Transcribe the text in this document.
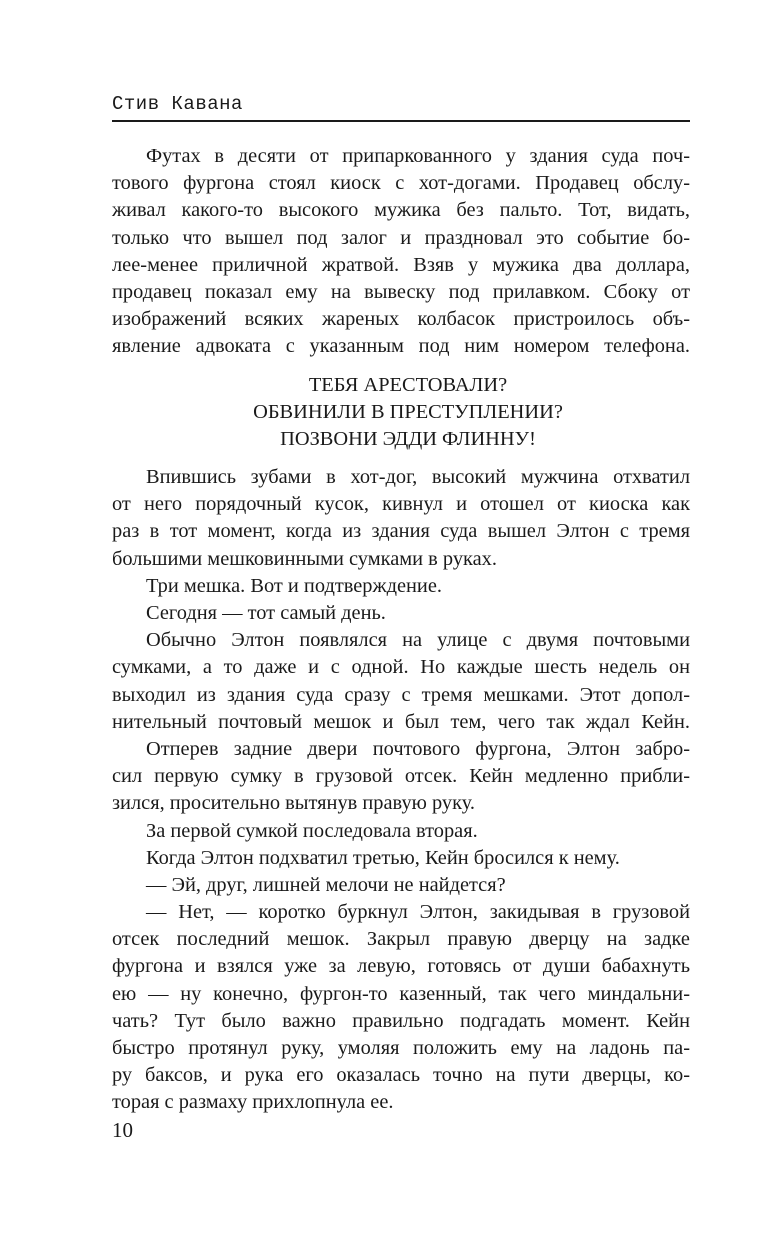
Стив Кавана
Футах в десяти от припаркованного у здания суда поч-
тового фургона стоял киоск с хот-догами. Продавец обслу-
живал какого-то высокого мужика без пальто. Тот, видать,
только что вышел под залог и праздновал это событие бо-
лее-менее приличной жратвой. Взяв у мужика два доллара,
продавец показал ему на вывеску под прилавком. Сбоку от
изображений всяких жареных колбасок пристроилось объ-
явление адвоката с указанным под ним номером телефона.
ТЕБЯ АРЕСТОВАЛИ?
ОБВИНИЛИ В ПРЕСТУПЛЕНИИ?
ПОЗВОНИ ЭДДИ ФЛИННУ!
Впившись зубами в хот-дог, высокий мужчина отхватил
от него порядочный кусок, кивнул и отошел от киоска как
раз в тот момент, когда из здания суда вышел Элтон с тремя
большими мешковинными сумками в руках.
Три мешка. Вот и подтверждение.
Сегодня — тот самый день.
Обычно Элтон появлялся на улице с двумя почтовыми
сумками, а то даже и с одной. Но каждые шесть недель он
выходил из здания суда сразу с тремя мешками. Этот допол-
нительный почтовый мешок и был тем, чего так ждал Кейн.
Отперев задние двери почтового фургона, Элтон забро-
сил первую сумку в грузовой отсек. Кейн медленно прибли-
зился, просительно вытянув правую руку.
За первой сумкой последовала вторая.
Когда Элтон подхватил третью, Кейн бросился к нему.
— Эй, друг, лишней мелочи не найдется?
— Нет, — коротко буркнул Элтон, закидывая в грузовой
отсек последний мешок. Закрыл правую дверцу на задке
фургона и взялся уже за левую, готовясь от души бабахнуть
ею — ну конечно, фургон-то казенный, так чего миндальни-
чать? Тут было важно правильно подгадать момент. Кейн
быстро протянул руку, умоляя положить ему на ладонь па-
ру баксов, и рука его оказалась точно на пути дверцы, ко-
торая с размаху прихлопнула ее.
10
